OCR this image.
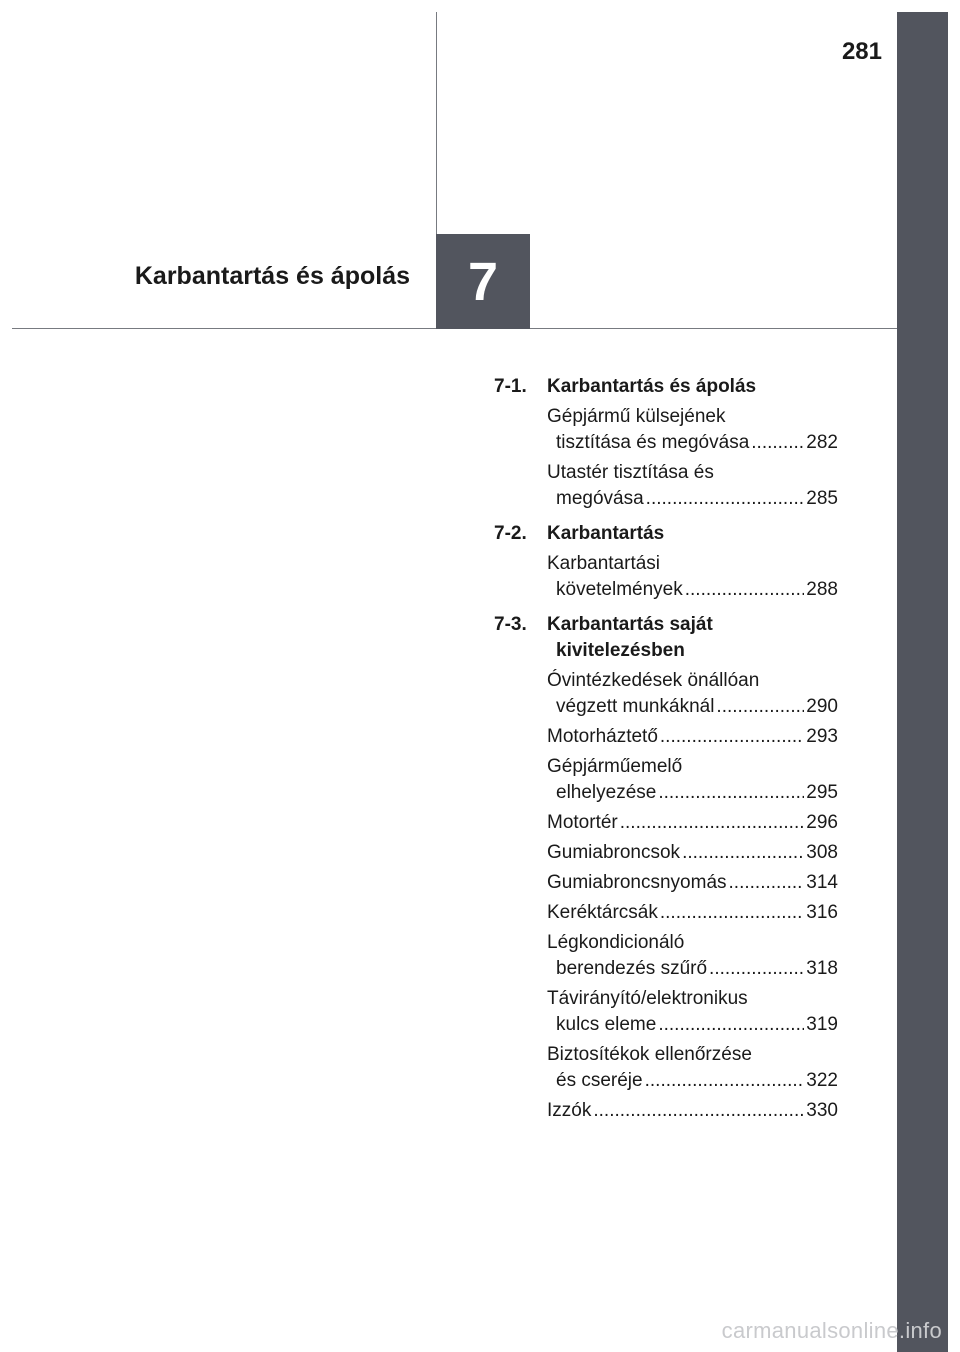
281
Karbantartás és ápolás 7
7-1.	Karbantartás és ápolás
Gépjármű külsejének
tisztítása és megóvása .....	282
Utastér tisztítása és
megóvása .....	285
7-2.	Karbantartás
Karbantartási
követelmények .....	288
7-3.	Karbantartás saját
kivitelezésben
Óvintézkedések önállóan
végzett munkáknál .....	290
Motorháztető .....	293
Gépjárműemelő
elhelyezése .....	295
Motortér .....	296
Gumiabroncsok .....	308
Gumiabroncsnyomás .....	314
Keréktárcsák .....	316
Légkondicionáló
berendezés szűrő .....	318
Távirányító/elektronikus
kulcs eleme .....	319
Biztosítékok ellenőrzése
és cseréje .....	322
Izzók .....	330
carmanualsonline.info
